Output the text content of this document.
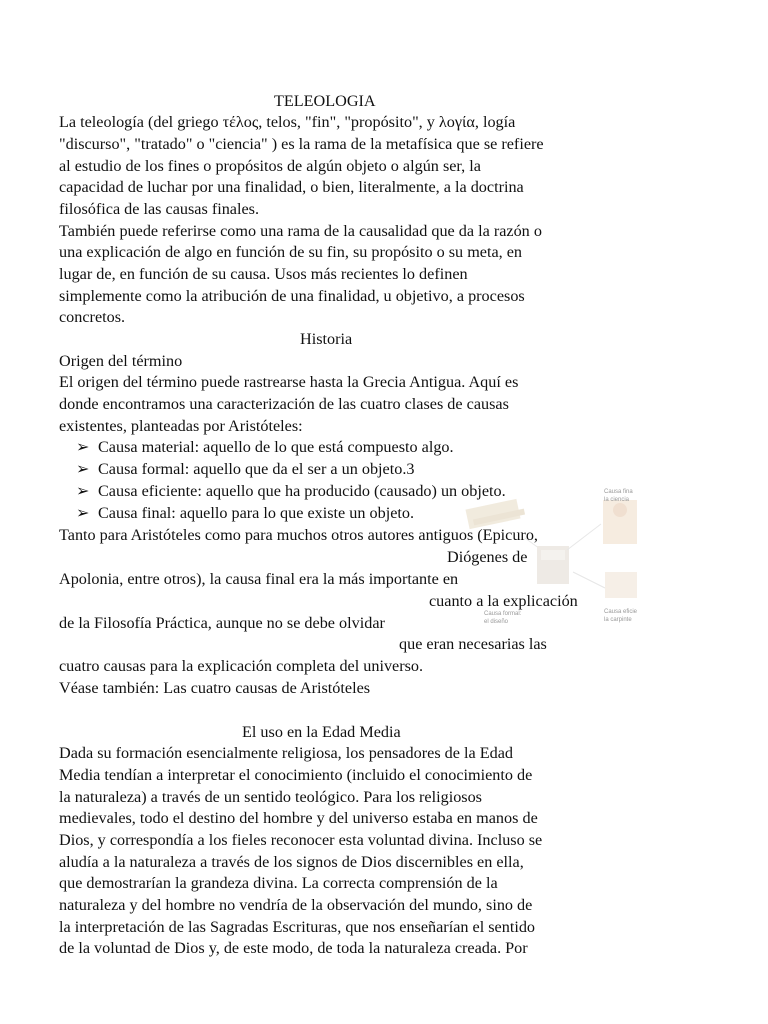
Causa fina
la ciencia
Causa formal:
el diseño
Causa eficie
la carpinte
TELEOLOGIA
La teleología (del griego τέλος, telos, "fin", "propósito", y λογία, logía
"discurso", "tratado" o "ciencia" ) es la rama de la metafísica que se refiere
al estudio de los fines o propósitos de algún objeto o algún ser, la
capacidad de luchar por una finalidad, o bien, literalmente, a la doctrina
filosófica de las causas finales.
También puede referirse como una rama de la causalidad que da la razón o
una explicación de algo en función de su fin, su propósito o su meta, en
lugar de, en función de su causa. Usos más recientes lo definen
simplemente como la atribución de una finalidad, u objetivo, a procesos
concretos.
Historia
Origen del término
El origen del término puede rastrearse hasta la Grecia Antigua. Aquí es
donde encontramos una caracterización de las cuatro clases de causas
existentes, planteadas por Aristóteles:
➢ Causa material: aquello de lo que está compuesto algo.
➢ Causa formal: aquello que da el ser a un objeto.3
➢ Causa eficiente: aquello que ha producido (causado) un objeto.
➢ Causa final: aquello para lo que existe un objeto.
Tanto para Aristóteles como para muchos otros autores antiguos (Epicuro,
Diógenes de
Apolonia, entre otros), la causa final era la más importante en
cuanto a la explicación
de la Filosofía Práctica, aunque no se debe olvidar
que eran necesarias las
cuatro causas para la explicación completa del universo.
Véase también: Las cuatro causas de Aristóteles
El uso en la Edad Media
Dada su formación esencialmente religiosa, los pensadores de la Edad
Media tendían a interpretar el conocimiento (incluido el conocimiento de
la naturaleza) a través de un sentido teológico. Para los religiosos
medievales, todo el destino del hombre y del universo estaba en manos de
Dios, y correspondía a los fieles reconocer esta voluntad divina. Incluso se
aludía a la naturaleza a través de los signos de Dios discernibles en ella,
que demostrarían la grandeza divina. La correcta comprensión de la
naturaleza y del hombre no vendría de la observación del mundo, sino de
la interpretación de las Sagradas Escrituras, que nos enseñarían el sentido
de la voluntad de Dios y, de este modo, de toda la naturaleza creada. Por
